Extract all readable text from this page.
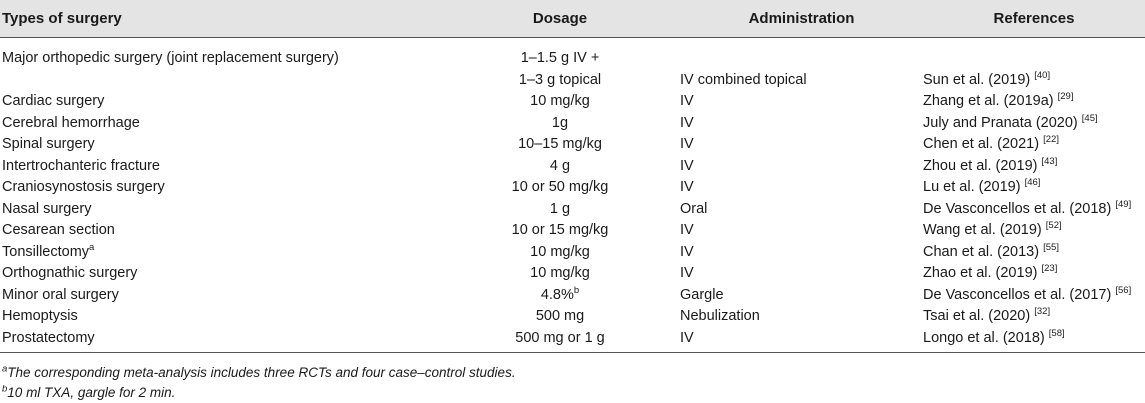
Types of surgery	Dosage	Administration	References
Major orthopedic surgery (joint replacement surgery)	1–1.5 g IV +		
	1–3 g topical	IV combined topical	Sun et al. (2019) [40]
Cardiac surgery	10 mg/kg	IV	Zhang et al. (2019a) [29]
Cerebral hemorrhage	1g	IV	July and Pranata (2020) [45]
Spinal surgery	10–15 mg/kg	IV	Chen et al. (2021) [22]
Intertrochanteric fracture	4 g	IV	Zhou et al. (2019) [43]
Craniosynostosis surgery	10 or 50 mg/kg	IV	Lu et al. (2019) [46]
Nasal surgery	1 g	Oral	De Vasconcellos et al. (2018) [49]
Cesarean section	10 or 15 mg/kg	IV	Wang et al. (2019) [52]
Tonsillectomy$^a$	10 mg/kg	IV	Chan et al. (2013) [55]
Orthognathic surgery	10 mg/kg	IV	Zhao et al. (2019) [23]
Minor oral surgery	4.8%$^b$	Gargle	De Vasconcellos et al. (2017) [56]
Hemoptysis	500 mg	Nebulization	Tsai et al. (2020) [32]
Prostatectomy	500 mg or 1 g	IV	Longo et al. (2018) [58]
$^a$The corresponding meta-analysis includes three RCTs and four case–control studies.
$^b$10 ml TXA, gargle for 2 min.
